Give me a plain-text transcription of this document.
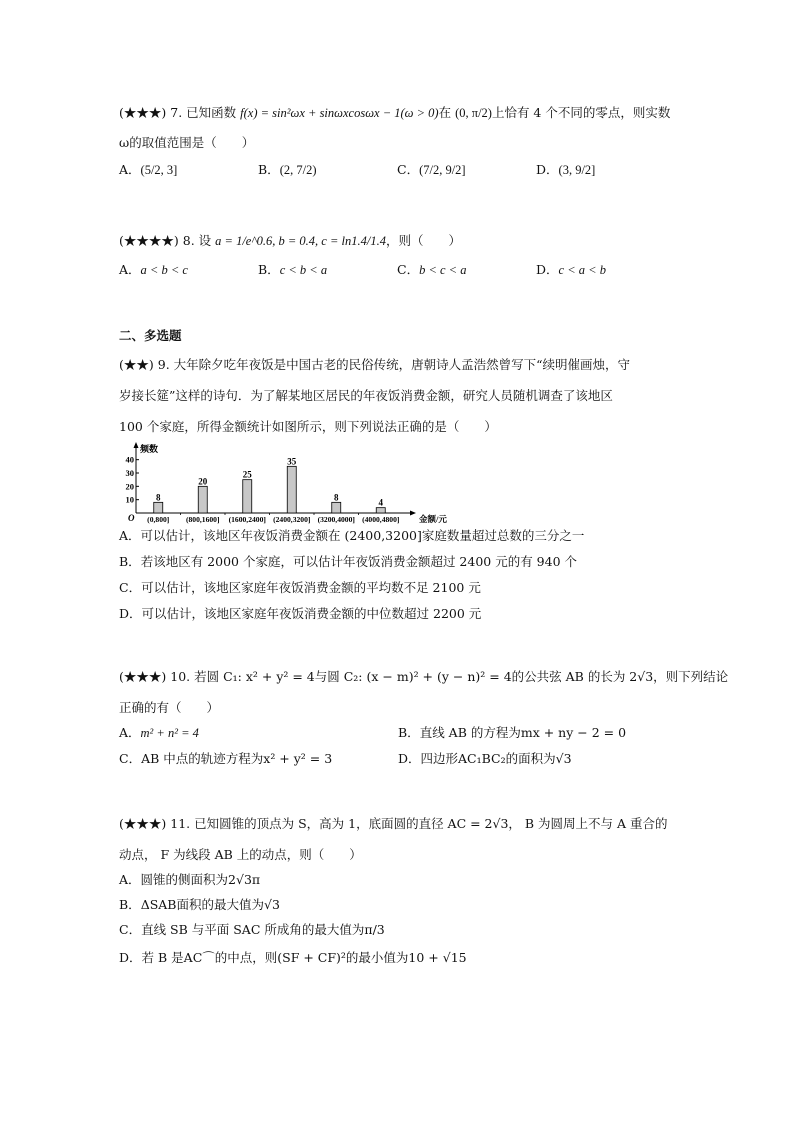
(★★★) 7. 已知函数 f(x) = sin²ωx + sinωxcosωx − 1(ω > 0)在 (0, π/2)上恰有 4 个不同的零点，则实数
ω的取值范围是（　　）
A．(5/2, 3]	B．(2, 7/2)	C．(7/2, 9/2]	D．(3, 9/2]
(★★★★) 8. 设 a = 1/e^0.6, b = 0.4, c = ln1.4/1.4，则（　　）
A．a < b < c	B．c < b < a	C．b < c < a	D．c < a < b
二、多选题
(★★) 9. 大年除夕吃年夜饭是中国古老的民俗传统，唐朝诗人孟浩然曾写下“续明催画烛，守
岁接长筵”这样的诗句．为了解某地区居民的年夜饭消费金额，研究人员随机调查了该地区
100 个家庭，所得金额统计如图所示，则下列说法正确的是（　　）
频数
O
10
20
30
40
8
(0,800]
20
(800,1600]
25
(1600,2400]
35
(2400,3200]
8
(3200,4000]
4
(4000,4800] 金额/元
A．可以估计，该地区年夜饭消费金额在 (2400,3200]家庭数量超过总数的三分之一
B．若该地区有 2000 个家庭，可以估计年夜饭消费金额超过 2400 元的有 940 个
C．可以估计，该地区家庭年夜饭消费金额的平均数不足 2100 元
D．可以估计，该地区家庭年夜饭消费金额的中位数超过 2200 元
(★★★) 10. 若圆 C₁: x² + y² = 4与圆 C₂: (x − m)² + (y − n)² = 4的公共弦 AB 的长为 2√3，则下列结论
正确的有（　　）
A．m² + n² = 4	B．直线 AB 的方程为mx + ny − 2 = 0
C．AB 中点的轨迹方程为x² + y² = 3	D．四边形AC₁BC₂的面积为√3
(★★★) 11. 已知圆锥的顶点为 S，高为 1，底面圆的直径 AC = 2√3， B 为圆周上不与 A 重合的
动点， F 为线段 AB 上的动点，则（　　）
A．圆锥的侧面积为2√3π
B．ΔSAB面积的最大值为√3
C．直线 SB 与平面 SAC 所成角的最大值为π/3
D．若 B 是AC⌒的中点，则(SF + CF)²的最小值为10 + √15
